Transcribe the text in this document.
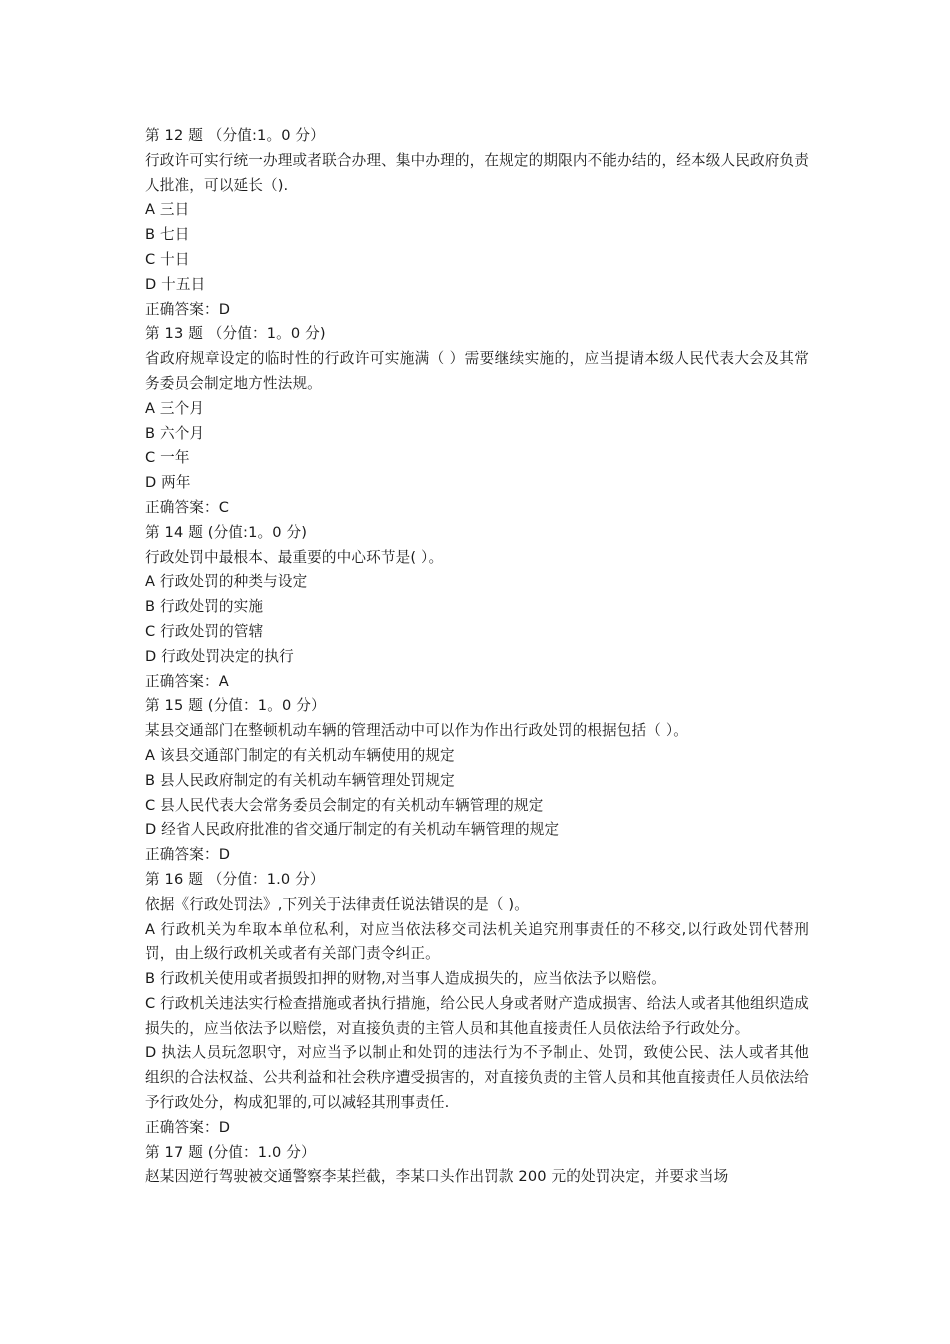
第 12 题 （分值:1。0 分）
行政许可实行统一办理或者联合办理、集中办理的，在规定的期限内不能办结的，经本级人民政府负责人批准，可以延长（).
A 三日
B 七日
C 十日
D 十五日
正确答案：D
第 13 题 （分值：1。0 分)
省政府规章设定的临时性的行政许可实施满（ ）需要继续实施的，应当提请本级人民代表大会及其常务委员会制定地方性法规。
A 三个月
B 六个月
C 一年
D 两年
正确答案：C
第 14 题 (分值:1。0 分)
行政处罚中最根本、最重要的中心环节是( ）。
A 行政处罚的种类与设定
B 行政处罚的实施
C 行政处罚的管辖
D 行政处罚决定的执行
正确答案：A
第 15 题 (分值：1。0 分）
某县交通部门在整顿机动车辆的管理活动中可以作为作出行政处罚的根据包括（ ）。
A 该县交通部门制定的有关机动车辆使用的规定
B 县人民政府制定的有关机动车辆管理处罚规定
C 县人民代表大会常务委员会制定的有关机动车辆管理的规定
D 经省人民政府批准的省交通厅制定的有关机动车辆管理的规定
正确答案：D
第 16 题 （分值：1.0 分）
依据《行政处罚法》,下列关于法律责任说法错误的是（ )。
A 行政机关为牟取本单位私利，对应当依法移交司法机关追究刑事责任的不移交,以行政处罚代替刑罚，由上级行政机关或者有关部门责令纠正。
B 行政机关使用或者损毁扣押的财物,对当事人造成损失的，应当依法予以赔偿。
C 行政机关违法实行检查措施或者执行措施，给公民人身或者财产造成损害、给法人或者其他组织造成损失的，应当依法予以赔偿，对直接负责的主管人员和其他直接责任人员依法给予行政处分。
D 执法人员玩忽职守，对应当予以制止和处罚的违法行为不予制止、处罚，致使公民、法人或者其他组织的合法权益、公共利益和社会秩序遭受损害的，对直接负责的主管人员和其他直接责任人员依法给予行政处分，构成犯罪的,可以减轻其刑事责任.
正确答案：D
第 17 题 (分值：1.0 分）
赵某因逆行驾驶被交通警察李某拦截，李某口头作出罚款 200 元的处罚决定，并要求当场
